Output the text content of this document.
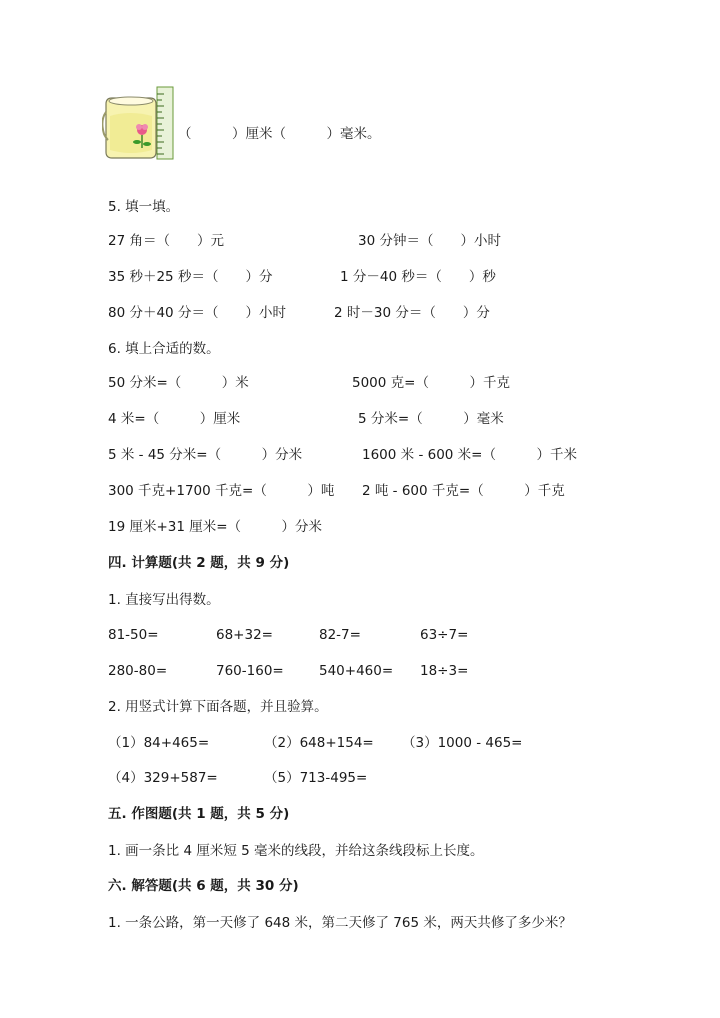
（　　　）厘米（　　　）毫米。
5. 填一填。
27 角＝（　　）元	30 分钟＝（　　）小时
35 秒＋25 秒＝（　　）分	1 分－40 秒＝（　　）秒
80 分＋40 分＝（　　）小时	2 时－30 分＝（　　）分
6. 填上合适的数。
50 分米=（　　　）米	5000 克=（　　　）千克
4 米=（　　　）厘米	5 分米=（　　　）毫米
5 米 - 45 分米=（　　　）分米	1600 米 - 600 米=（　　　）千米
300 千克+1700 千克=（　　　）吨 2 吨 - 600 千克=（　　　）千克
19 厘米+31 厘米=（　　　）分米
四. 计算题(共 2 题，共 9 分)
1. 直接写出得数。
81-50=	68+32=	82-7=	63÷7=
280-80=	760-160=	540+460= 18÷3=
2. 用竖式计算下面各题，并且验算。
（1）84+465=	（2）648+154= （3）1000 - 465=
（4）329+587=	（5）713-495=
五. 作图题(共 1 题，共 5 分)
1. 画一条比 4 厘米短 5 毫米的线段，并给这条线段标上长度。
六. 解答题(共 6 题，共 30 分)
1. 一条公路，第一天修了 648 米，第二天修了 765 米，两天共修了多少米？
